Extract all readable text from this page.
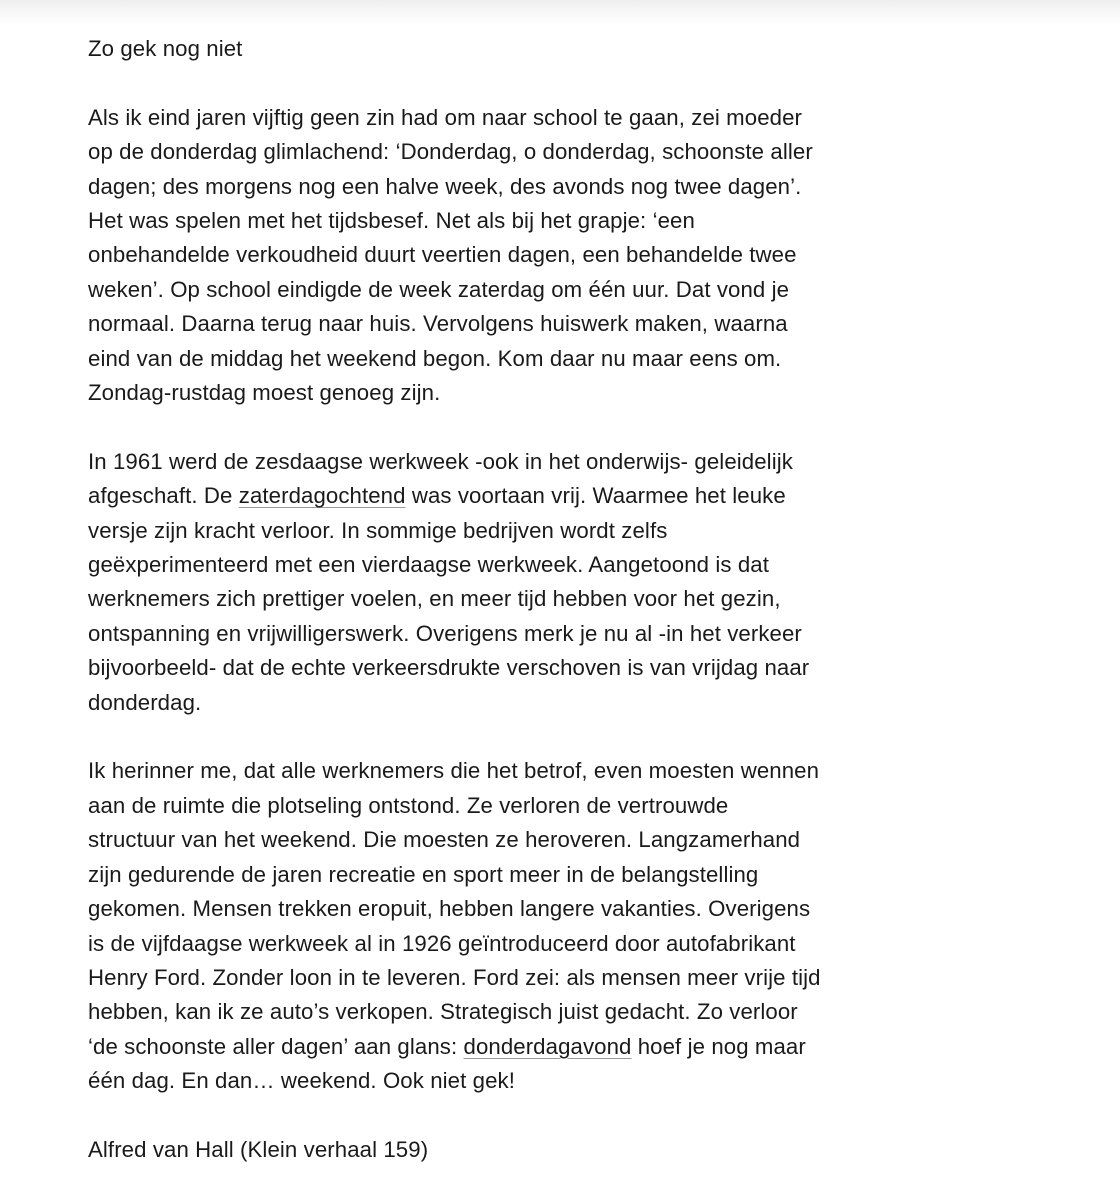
Zo gek nog niet

Als ik eind jaren vijftig geen zin had om naar school te gaan, zei moeder
op de donderdag glimlachend: ‘Donderdag, o donderdag, schoonste aller
dagen; des morgens nog een halve week, des avonds nog twee dagen’.
Het was spelen met het tijdsbesef. Net als bij het grapje: ‘een
onbehandelde verkoudheid duurt veertien dagen, een behandelde twee
weken’. Op school eindigde de week zaterdag om één uur. Dat vond je
normaal. Daarna terug naar huis. Vervolgens huiswerk maken, waarna
eind van de middag het weekend begon. Kom daar nu maar eens om.
Zondag-rustdag moest genoeg zijn.

In 1961 werd de zesdaagse werkweek -ook in het onderwijs- geleidelijk
afgeschaft. De zaterdagochtend was voortaan vrij. Waarmee het leuke
versje zijn kracht verloor. In sommige bedrijven wordt zelfs
geëxperimenteerd met een vierdaagse werkweek. Aangetoond is dat
werknemers zich prettiger voelen, en meer tijd hebben voor het gezin,
ontspanning en vrijwilligerswerk. Overigens merk je nu al -in het verkeer
bijvoorbeeld- dat de echte verkeersdrukte verschoven is van vrijdag naar
donderdag.

Ik herinner me, dat alle werknemers die het betrof, even moesten wennen
aan de ruimte die plotseling ontstond. Ze verloren de vertrouwde
structuur van het weekend. Die moesten ze heroveren. Langzamerhand
zijn gedurende de jaren recreatie en sport meer in de belangstelling
gekomen. Mensen trekken eropuit, hebben langere vakanties. Overigens
is de vijfdaagse werkweek al in 1926 geïntroduceerd door autofabrikant
Henry Ford. Zonder loon in te leveren. Ford zei: als mensen meer vrije tijd
hebben, kan ik ze auto’s verkopen. Strategisch juist gedacht. Zo verloor
‘de schoonste aller dagen’ aan glans: donderdagavond hoef je nog maar
één dag. En dan… weekend. Ook niet gek!

Alfred van Hall (Klein verhaal 159)
